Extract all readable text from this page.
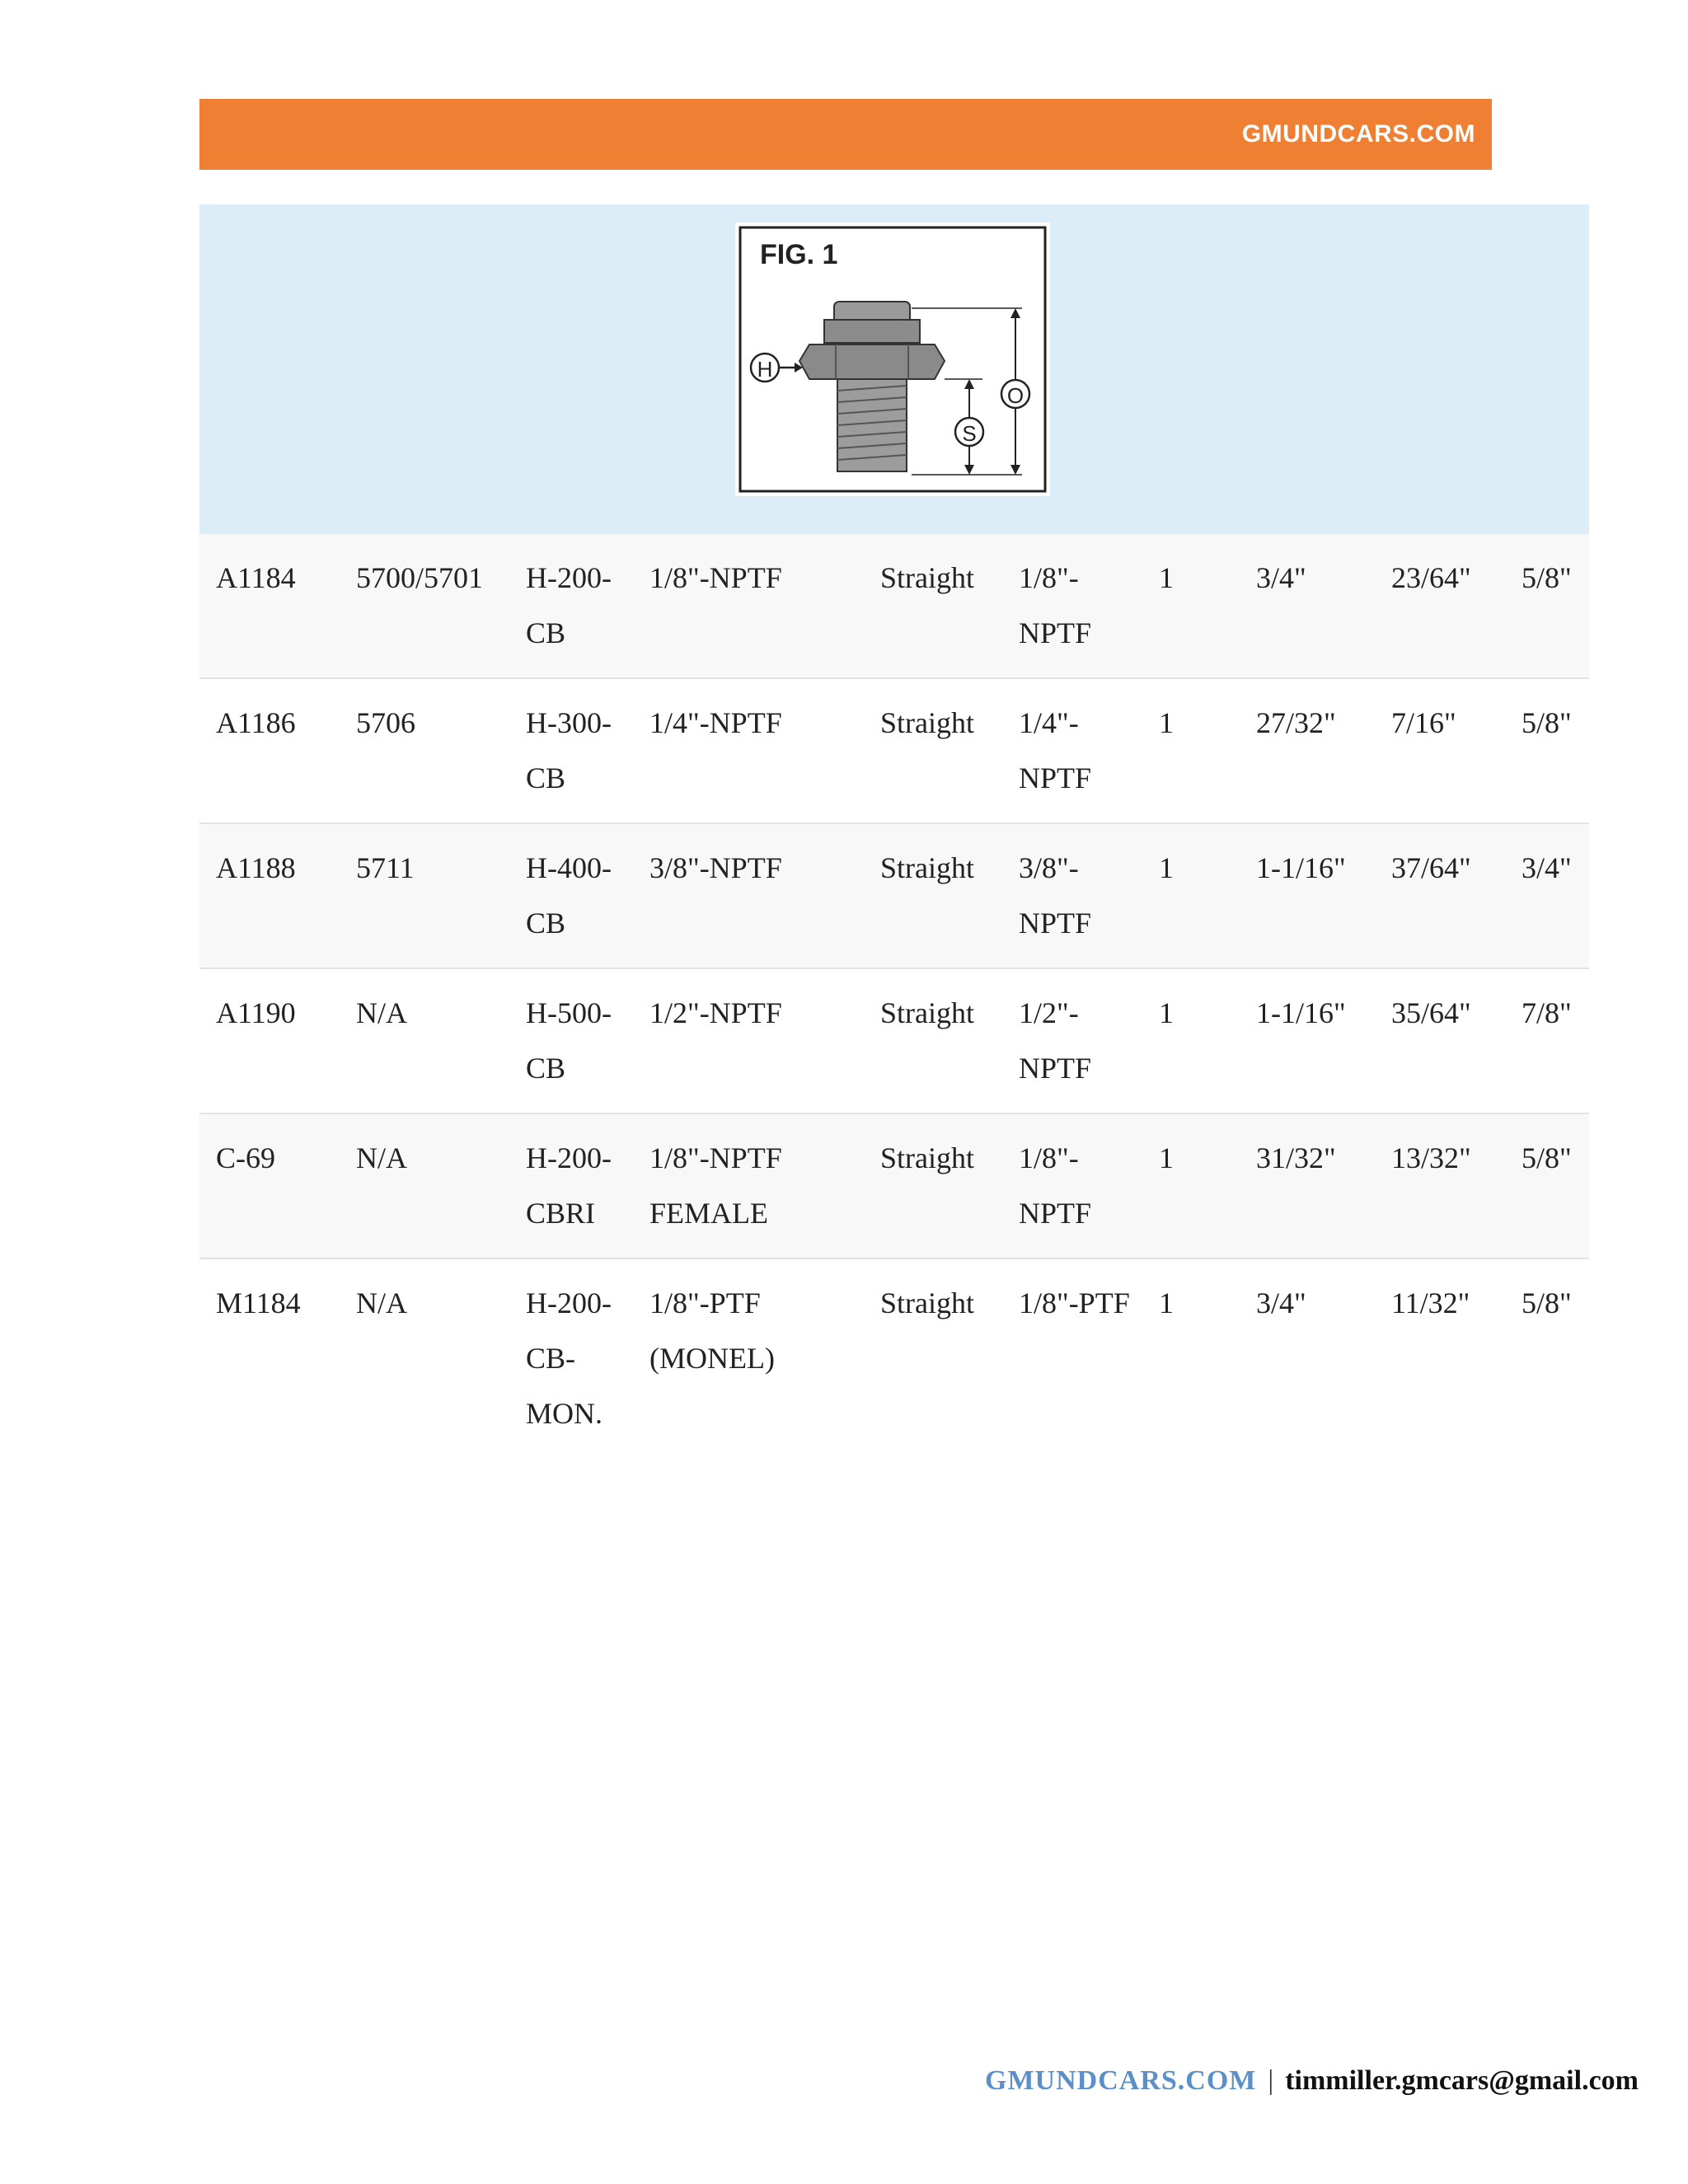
GMUNDCARS.COM
FIG. 1
H
O
S
A1184	5700/5701	H-200-CB	1/8"-NPTF	Straight	1/8"-NPTF	1	3/4"	23/64"	5/8"
A1186	5706	H-300-CB	1/4"-NPTF	Straight	1/4"-NPTF	1	27/32"	7/16"	5/8"
A1188	5711	H-400-CB	3/8"-NPTF	Straight	3/8"-NPTF	1	1-1/16"	37/64"	3/4"
A1190	N/A	H-500-CB	1/2"-NPTF	Straight	1/2"-NPTF	1	1-1/16"	35/64"	7/8"
C-69	N/A	H-200-CBRI	1/8"-NPTF FEMALE	Straight	1/8"-NPTF	1	31/32"	13/32"	5/8"
M1184	N/A	H-200-CB-MON.	1/8"-PTF (MONEL)	Straight	1/8"-PTF	1	3/4"	11/32"	5/8"
GMUNDCARS.COM | timmiller.gmcars@gmail.com
